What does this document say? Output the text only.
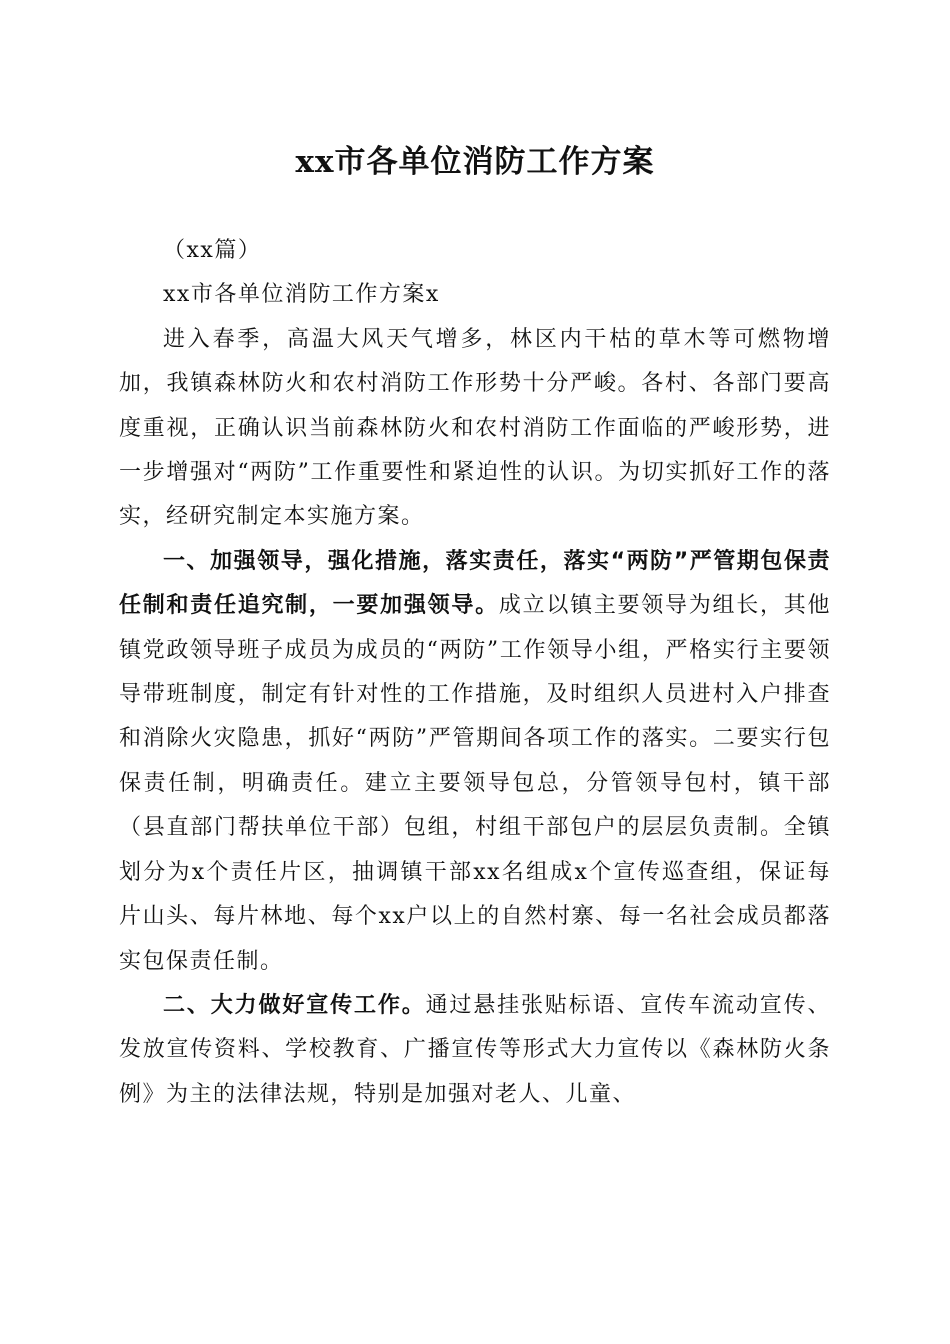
xx市各单位消防工作方案

（xx篇）

xx市各单位消防工作方案x

进入春季，高温大风天气增多，林区内干枯的草木等可燃物增加，我镇森林防火和农村消防工作形势十分严峻。各村、各部门要高度重视，正确认识当前森林防火和农村消防工作面临的严峻形势，进一步增强对“两防”工作重要性和紧迫性的认识。为切实抓好工作的落实，经研究制定本实施方案。

一、加强领导，强化措施，落实责任，落实“两防”严管期包保责任制和责任追究制，一要加强领导。成立以镇主要领导为组长，其他镇党政领导班子成员为成员的“两防”工作领导小组，严格实行主要领导带班制度，制定有针对性的工作措施，及时组织人员进村入户排查和消除火灾隐患，抓好“两防”严管期间各项工作的落实。二要实行包保责任制，明确责任。建立主要领导包总，分管领导包村，镇干部（县直部门帮扶单位干部）包组，村组干部包户的层层负责制。全镇划分为x个责任片区，抽调镇干部xx名组成x个宣传巡查组，保证每片山头、每片林地、每个xx户以上的自然村寨、每一名社会成员都落实包保责任制。

二、大力做好宣传工作。通过悬挂张贴标语、宣传车流动宣传、发放宣传资料、学校教育、广播宣传等形式大力宣传以《森林防火条例》为主的法律法规，特别是加强对老人、儿童、
